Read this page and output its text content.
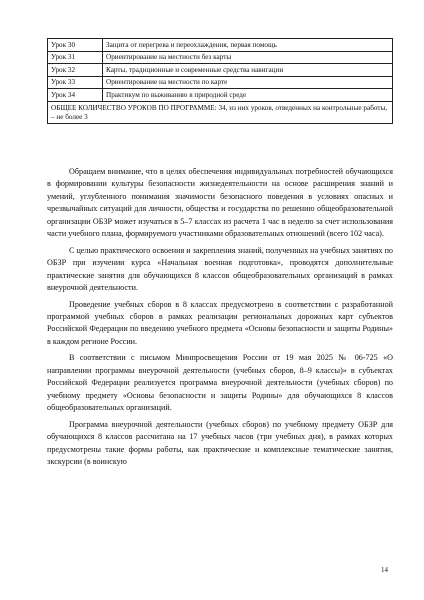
Урок 30	Защита от перегрева и переохлаждения, первая помощь
Урок 31	Ориентирование на местности без карты
Урок 32	Карты, традиционные и современные средства навигации
Урок 33	Ориентирование на местности по карте
Урок 34	Практикум по выживанию в природной среде
ОБЩЕЕ КОЛИЧЕСТВО УРОКОВ ПО ПРОГРАММЕ: 34, из них уроков, отведенных на контрольные работы, – не более 3	

Обращаем внимание, что в целях обеспечения индивидуальных потребностей обучающихся в формировании культуры безопасности жизнедеятельности на основе расширения знаний и умений, углубленного понимания значимости безопасного поведения в условиях опасных и чрезвычайных ситуаций для личности, общества и государства по решению общеобразовательной организации ОБЗР может изучаться в 5–7 классах из расчета 1 час в неделю за счет использования части учебного плана, формируемого участниками образовательных отношений (всего 102 часа).

С целью практического освоения и закрепления знаний, полученных на учебных занятиях по ОБЗР при изучении курса «Начальная военная подготовка», проводятся дополнительные практические занятия для обучающихся 8 классов общеобразовательных организаций в рамках внеурочной деятельности.

Проведение учебных сборов в 8 классах предусмотрено в соответствии с разработанной программой учебных сборов в рамках реализации региональных дорожных карт субъектов Российской Федерации по введению учебного предмета «Основы безопасности и защиты Родины» в каждом регионе России.

В соответствии с письмом Минпросвещения России от 19 мая 2025 № 06-725 «О направлении программы внеурочной деятельности (учебных сборов, 8–9 классы)» в субъектах Российской Федерации реализуется программа внеурочной деятельности (учебных сборов) по учебному предмету «Основы безопасности и защиты Родины» для обучающихся 8 классов общеобразовательных организаций.

Программа внеурочной деятельности (учебных сборов) по учебному предмету ОБЗР для обучающихся 8 классов рассчитана на 17 учебных часов (три учебных дня), в рамках которых предусмотрены такие формы работы, как практические и комплексные тематические занятия, экскурсии (в воинскую

14
